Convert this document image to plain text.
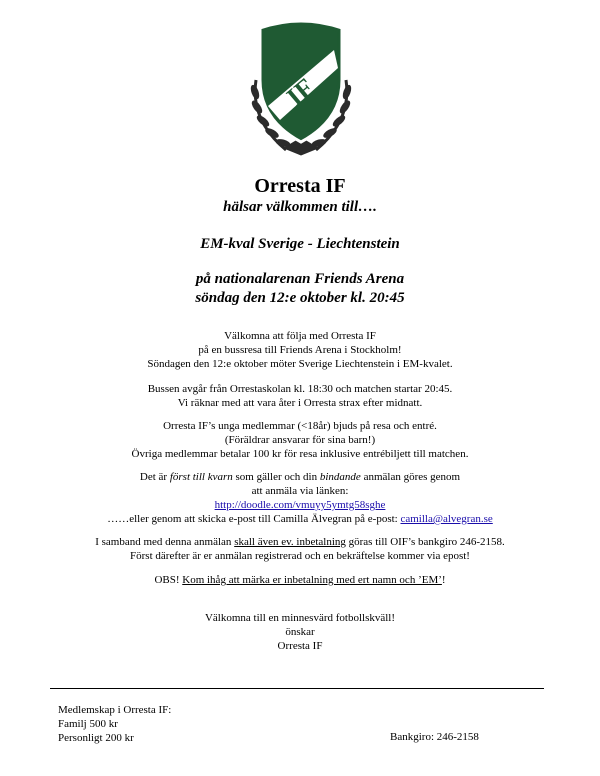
IF
Orresta IF
hälsar välkommen till….
EM-kval Sverige - Liechtenstein
på nationalarenan Friends Arena
söndag den 12:e oktober kl. 20:45
Välkomna att följa med Orresta IF
på en bussresa till Friends Arena i Stockholm!
Söndagen den 12:e oktober möter Sverige Liechtenstein i EM-kvalet.
Bussen avgår från Orrestaskolan kl. 18:30 och matchen startar 20:45.
Vi räknar med att vara åter i Orresta strax efter midnatt.
Orresta IF’s unga medlemmar (<18år) bjuds på resa och entré.
(Föräldrar ansvarar för sina barn!)
Övriga medlemmar betalar 100 kr för resa inklusive entrébiljett till matchen.
Det är först till kvarn som gäller och din bindande anmälan göres genom
att anmäla via länken:
http://doodle.com/vmuyy5ymtg58sghe
……eller genom att skicka e-post till Camilla Älvegran på e-post: camilla@alvegran.se
I samband med denna anmälan skall även ev. inbetalning göras till OIF’s bankgiro 246-2158.
Först därefter är er anmälan registrerad och en bekräftelse kommer via epost!
OBS! Kom ihåg att märka er inbetalning med ert namn och ’EM’!
Välkomna till en minnesvärd fotbollskväll!
önskar
Orresta IF
Medlemskap i Orresta IF:
Familj 500 kr
Personligt 200 kr	Bankgiro: 246-2158
